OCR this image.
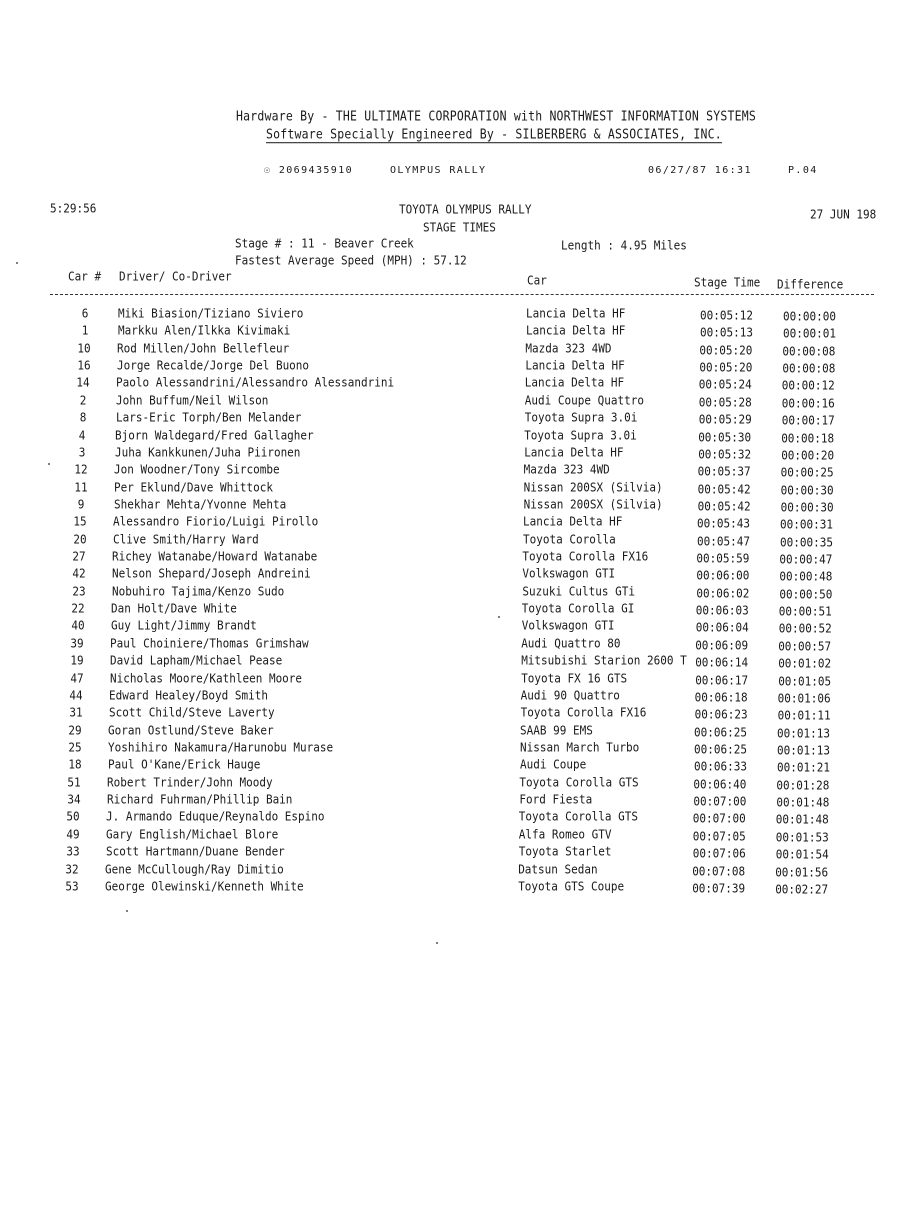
Hardware By - THE ULTIMATE CORPORATION with NORTHWEST INFORMATION SYSTEMS
Software Specially Engineered By - SILBERBERG & ASSOCIATES, INC.
☉ 2069435910	OLYMPUS RALLY	06/27/87 16:31	P.04
5:29:56	TOYOTA OLYMPUS RALLY	27 JUN 198
STAGE TIMES
Stage # : 11 - Beaver Creek	Length : 4.95 Miles
Fastest Average Speed (MPH) : 57.12
Car # Driver/ Co-Driver	Car	Stage Time Difference
6	Miki Biasion/Tiziano Siviero	Lancia Delta HF	00:05:12	00:00:00
1	Markku Alen/Ilkka Kivimaki	Lancia Delta HF	00:05:13	00:00:01
10	Rod Millen/John Bellefleur	Mazda 323 4WD	00:05:20	00:00:08
16	Jorge Recalde/Jorge Del Buono	Lancia Delta HF	00:05:20	00:00:08
14	Paolo Alessandrini/Alessandro Alessandrini	Lancia Delta HF	00:05:24	00:00:12
2	John Buffum/Neil Wilson	Audi Coupe Quattro	00:05:28	00:00:16
8	Lars-Eric Torph/Ben Melander	Toyota Supra 3.0i	00:05:29	00:00:17
4	Bjorn Waldegard/Fred Gallagher	Toyota Supra 3.0i	00:05:30	00:00:18
3	Juha Kankkunen/Juha Piironen	Lancia Delta HF	00:05:32	00:00:20
12	Jon Woodner/Tony Sircombe	Mazda 323 4WD	00:05:37	00:00:25
11	Per Eklund/Dave Whittock	Nissan 200SX (Silvia)	00:05:42	00:00:30
9	Shekhar Mehta/Yvonne Mehta	Nissan 200SX (Silvia)	00:05:42	00:00:30
15	Alessandro Fiorio/Luigi Pirollo	Lancia Delta HF	00:05:43	00:00:31
20	Clive Smith/Harry Ward	Toyota Corolla	00:05:47	00:00:35
27	Richey Watanabe/Howard Watanabe	Toyota Corolla FX16	00:05:59	00:00:47
42	Nelson Shepard/Joseph Andreini	Volkswagon GTI	00:06:00	00:00:48
23	Nobuhiro Tajima/Kenzo Sudo	Suzuki Cultus GTi	00:06:02	00:00:50
22	Dan Holt/Dave White	Toyota Corolla GI	00:06:03	00:00:51
40	Guy Light/Jimmy Brandt	Volkswagon GTI	00:06:04	00:00:52
39	Paul Choiniere/Thomas Grimshaw	Audi Quattro 80	00:06:09	00:00:57
19	David Lapham/Michael Pease	Mitsubishi Starion 2600 T 00:06:14	00:01:02
47	Nicholas Moore/Kathleen Moore	Toyota FX 16 GTS	00:06:17	00:01:05
44	Edward Healey/Boyd Smith	Audi 90 Quattro	00:06:18	00:01:06
31	Scott Child/Steve Laverty	Toyota Corolla FX16	00:06:23	00:01:11
29	Goran Ostlund/Steve Baker	SAAB 99 EMS	00:06:25	00:01:13
25	Yoshihiro Nakamura/Harunobu Murase	Nissan March Turbo	00:06:25	00:01:13
18	Paul O'Kane/Erick Hauge	Audi Coupe	00:06:33	00:01:21
51	Robert Trinder/John Moody	Toyota Corolla GTS	00:06:40	00:01:28
34	Richard Fuhrman/Phillip Bain	Ford Fiesta	00:07:00	00:01:48
50	J. Armando Eduque/Reynaldo Espino	Toyota Corolla GTS	00:07:00	00:01:48
49	Gary English/Michael Blore	Alfa Romeo GTV	00:07:05	00:01:53
33	Scott Hartmann/Duane Bender	Toyota Starlet	00:07:06	00:01:54
32	Gene McCullough/Ray Dimitio	Datsun Sedan	00:07:08	00:01:56
53	George Olewinski/Kenneth White	Toyota GTS Coupe	00:07:39	00:02:27
